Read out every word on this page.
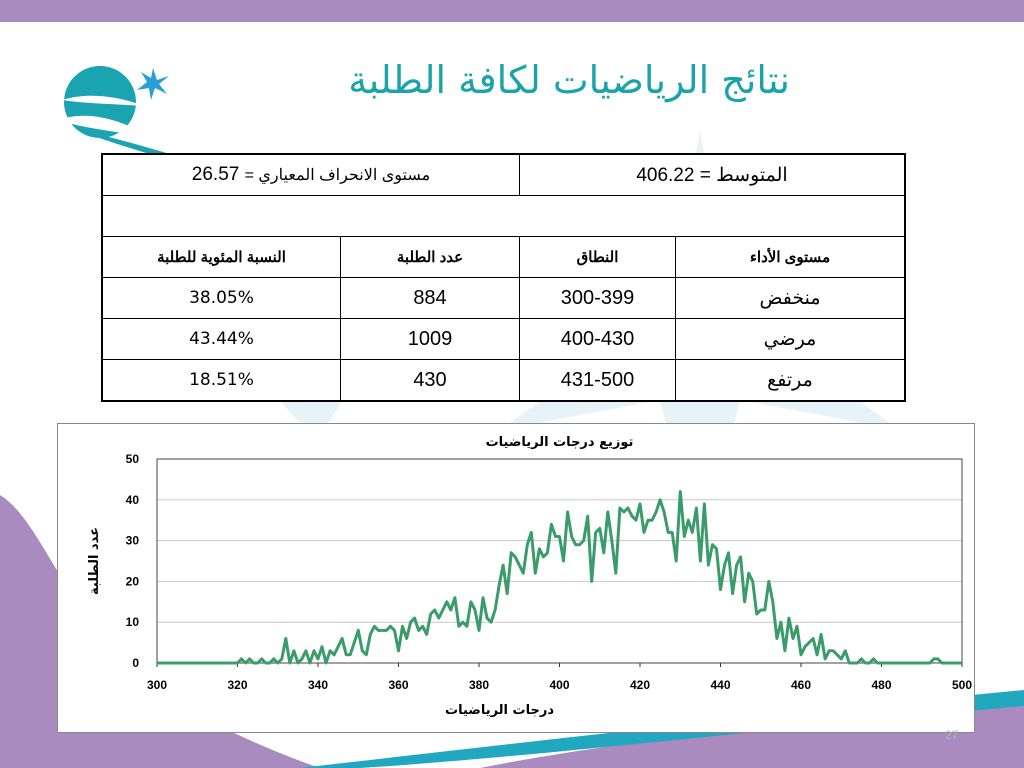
نتائج الرياضيات لكافة الطلبة
المتوسط = 406.22		مستوى الانحراف المعياري = 26.57	

مستوى الأداء	النطاق	عدد الطلبة	النسبة المئوية للطلبة
منخفض	300-399	884	38.05%
مرضي	400-430	1009	43.44%
مرتفع	431-500	430	18.51%
0
10
20
30
40
50
300	320	340	360	380	400	420	440	460	480	500
توزيع درجات الرياضيات
درجات الرياضيات
عدد الطلبة
27
